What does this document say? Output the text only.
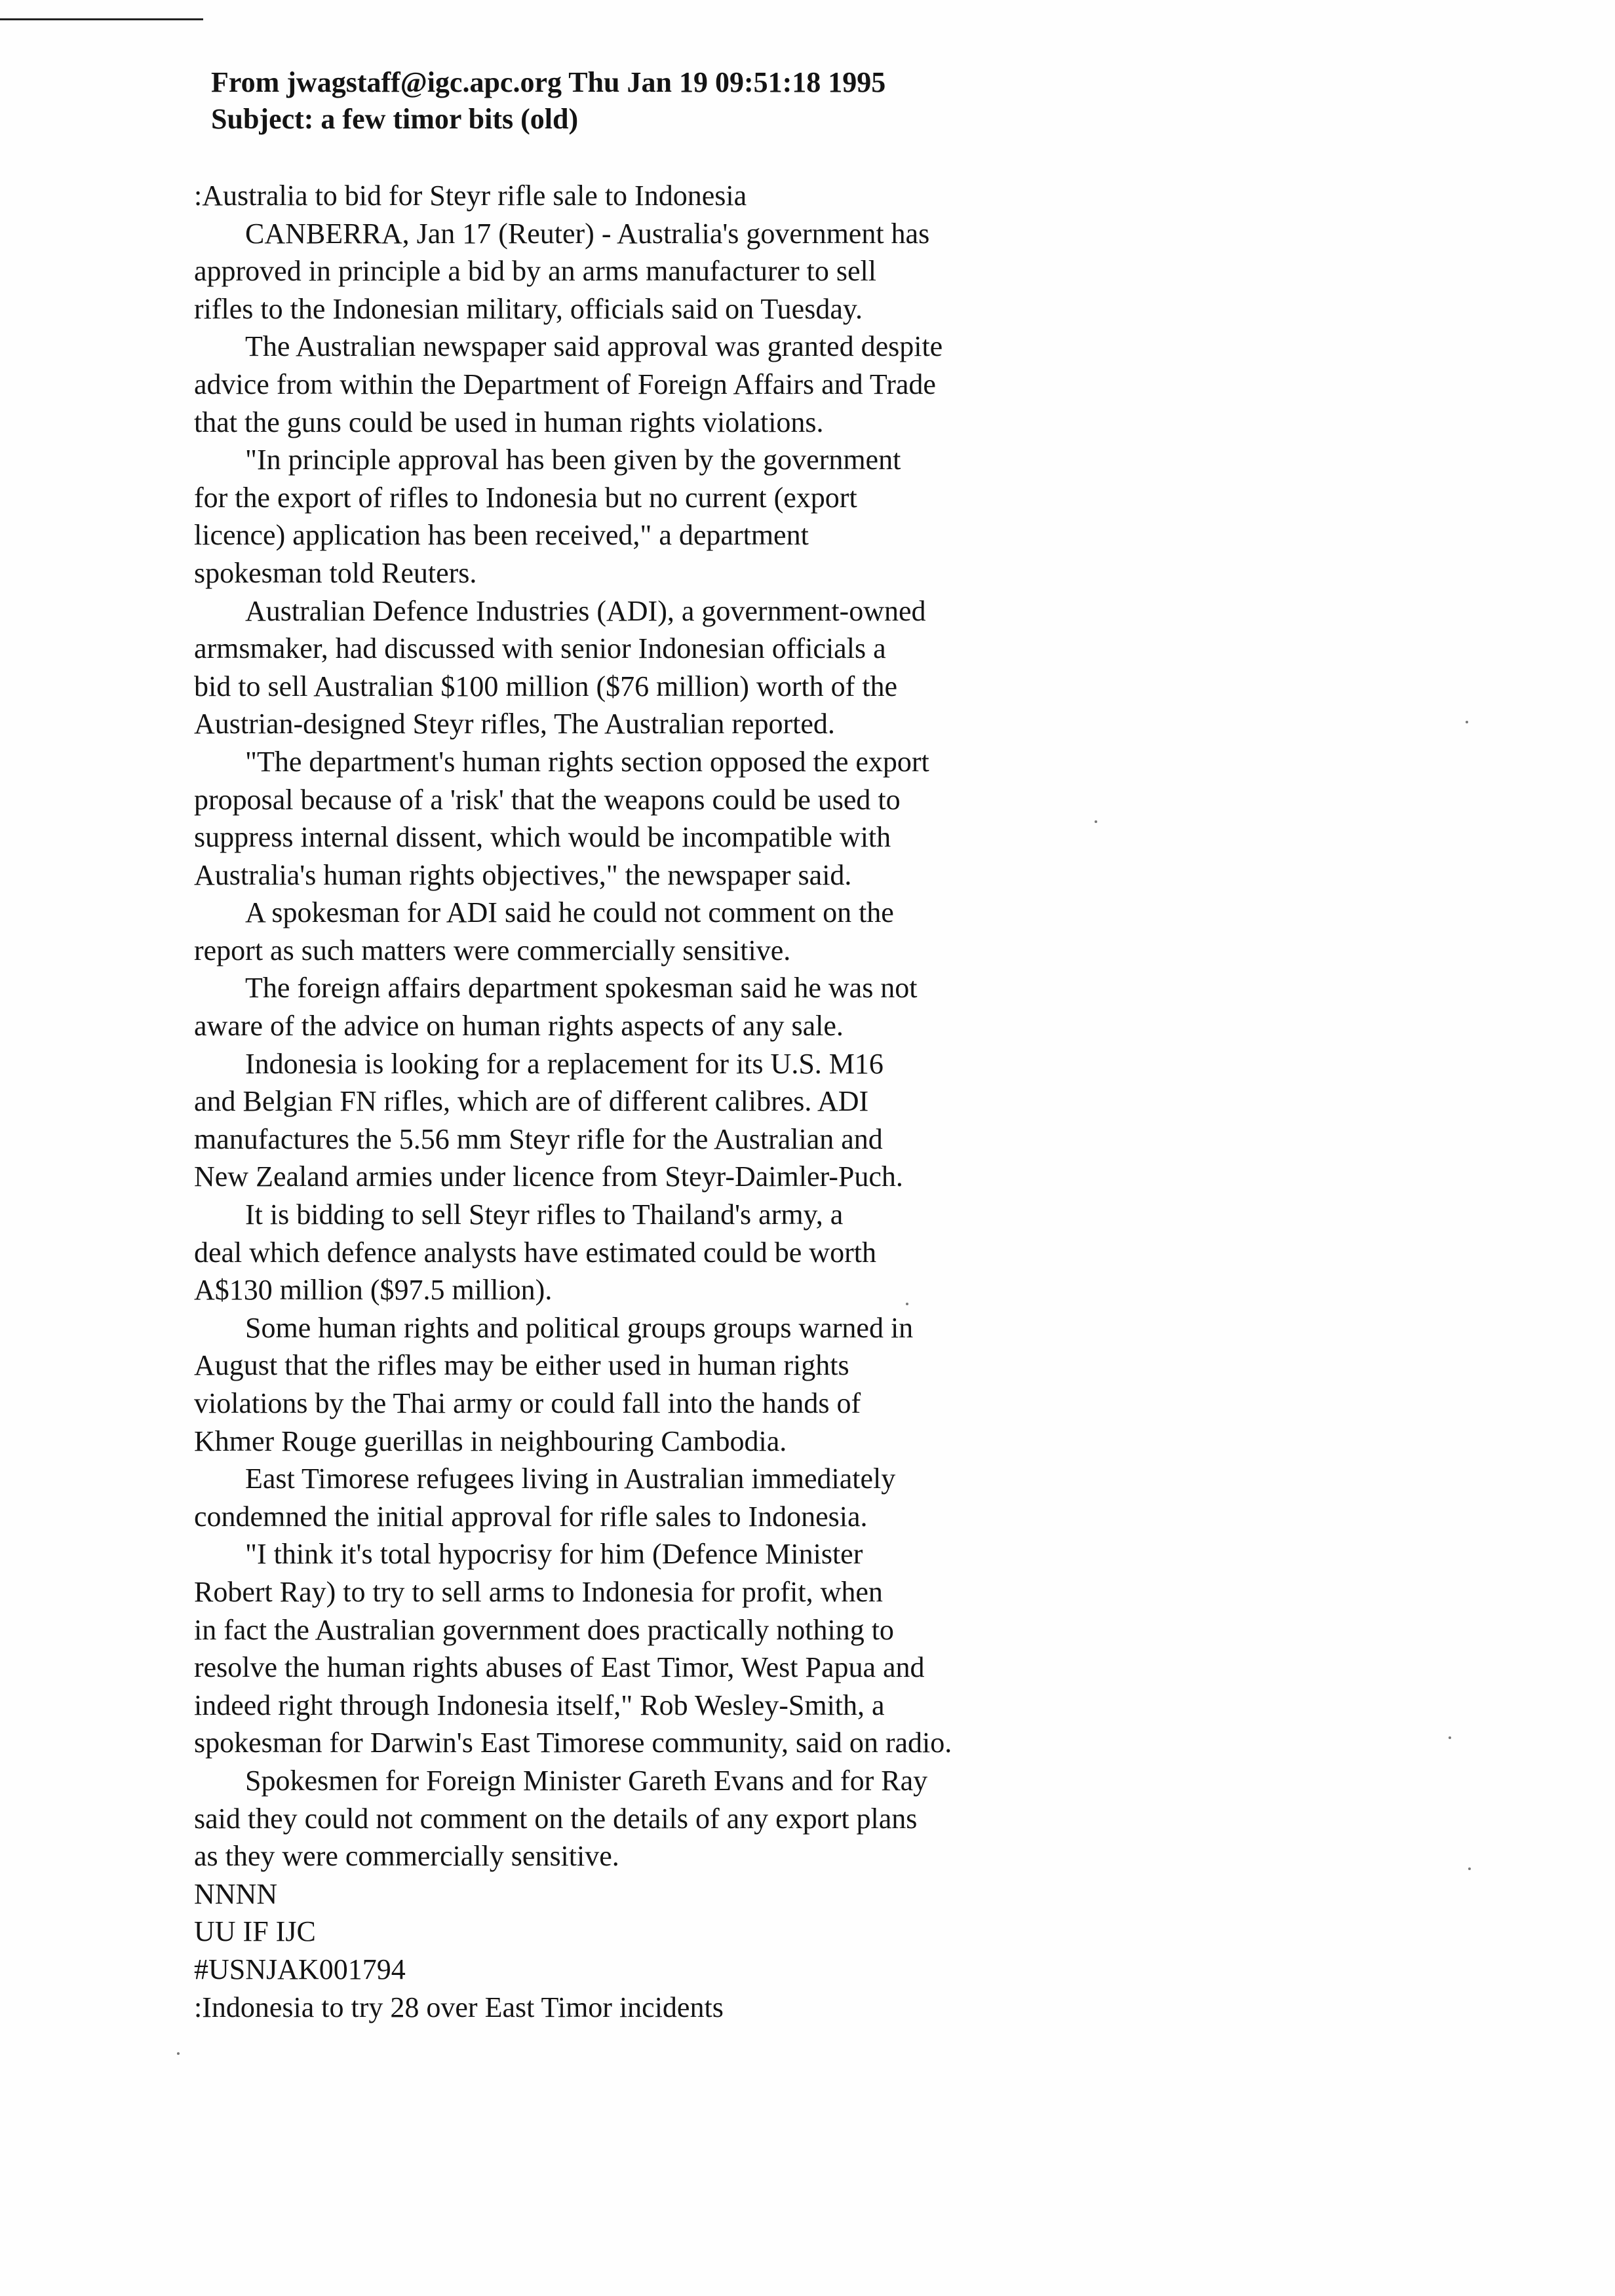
From jwagstaff@igc.apc.org Thu Jan 19 09:51:18 1995
Subject: a few timor bits (old)
:Australia to bid for Steyr rifle sale to Indonesia
CANBERRA, Jan 17 (Reuter) - Australia's government has
approved in principle a bid by an arms manufacturer to sell
rifles to the Indonesian military, officials said on Tuesday.
The Australian newspaper said approval was granted despite
advice from within the Department of Foreign Affairs and Trade
that the guns could be used in human rights violations.
"In principle approval has been given by the government
for the export of rifles to Indonesia but no current (export
licence) application has been received," a department
spokesman told Reuters.
Australian Defence Industries (ADI), a government-owned
armsmaker, had discussed with senior Indonesian officials a
bid to sell Australian $100 million ($76 million) worth of the
Austrian-designed Steyr rifles, The Australian reported.
"The department's human rights section opposed the export
proposal because of a 'risk' that the weapons could be used to
suppress internal dissent, which would be incompatible with
Australia's human rights objectives," the newspaper said.
A spokesman for ADI said he could not comment on the
report as such matters were commercially sensitive.
The foreign affairs department spokesman said he was not
aware of the advice on human rights aspects of any sale.
Indonesia is looking for a replacement for its U.S. M16
and Belgian FN rifles, which are of different calibres. ADI
manufactures the 5.56 mm Steyr rifle for the Australian and
New Zealand armies under licence from Steyr-Daimler-Puch.
It is bidding to sell Steyr rifles to Thailand's army, a
deal which defence analysts have estimated could be worth
A$130 million ($97.5 million).
Some human rights and political groups groups warned in
August that the rifles may be either used in human rights
violations by the Thai army or could fall into the hands of
Khmer Rouge guerillas in neighbouring Cambodia.
East Timorese refugees living in Australian immediately
condemned the initial approval for rifle sales to Indonesia.
"I think it's total hypocrisy for him (Defence Minister
Robert Ray) to try to sell arms to Indonesia for profit, when
in fact the Australian government does practically nothing to
resolve the human rights abuses of East Timor, West Papua and
indeed right through Indonesia itself," Rob Wesley-Smith, a
spokesman for Darwin's East Timorese community, said on radio.
Spokesmen for Foreign Minister Gareth Evans and for Ray
said they could not comment on the details of any export plans
as they were commercially sensitive.
NNNN
UU IF IJC
#USNJAK001794
:Indonesia to try 28 over East Timor incidents
